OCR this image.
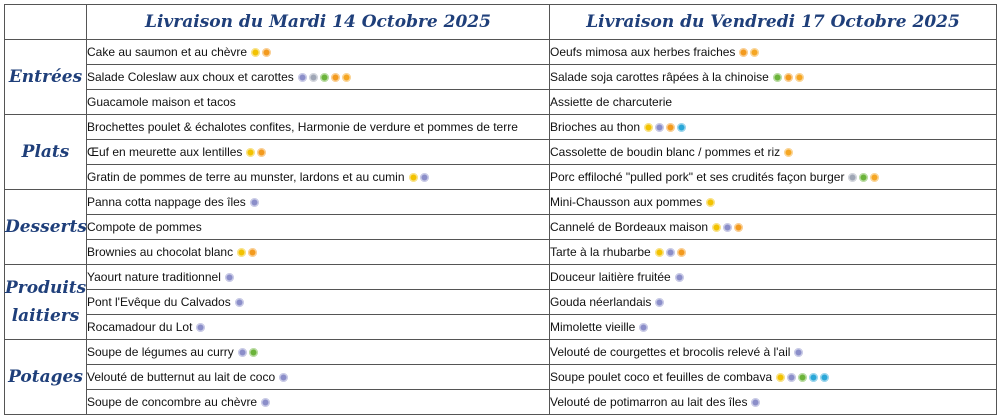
	Livraison du Mardi 14 Octobre 2025	Livraison du Vendredi 17 Octobre 2025
Entrées	Cake au saumon et au chèvre	Oeufs mimosa aux herbes fraiches
	Salade Coleslaw aux choux et carottes	Salade soja carottes râpées à la chinoise
	Guacamole maison et tacos	Assiette de charcuterie
Plats	Brochettes poulet & échalotes confites, Harmonie de verdure et pommes de terre	Brioches au thon
	Œuf en meurette aux lentilles	Cassolette de boudin blanc / pommes et riz
	Gratin de pommes de terre au munster, lardons et au cumin	Porc effiloché "pulled pork" et ses crudités façon burger
Desserts	Panna cotta nappage des îles	Mini-Chausson aux pommes
	Compote de pommes	Cannelé de Bordeaux maison
	Brownies au chocolat blanc	Tarte à la rhubarbe
Produits laitiers	Yaourt nature traditionnel	Douceur laitière fruitée
	Pont l'Evêque du Calvados	Gouda néerlandais
	Rocamadour du Lot	Mimolette vieille
Potages	Soupe de légumes au curry	Velouté de courgettes et brocolis relevé à l'ail
	Velouté de butternut au lait de coco	Soupe poulet coco et feuilles de combava
	Soupe de concombre au chèvre	Velouté de potimarron au lait des îles
